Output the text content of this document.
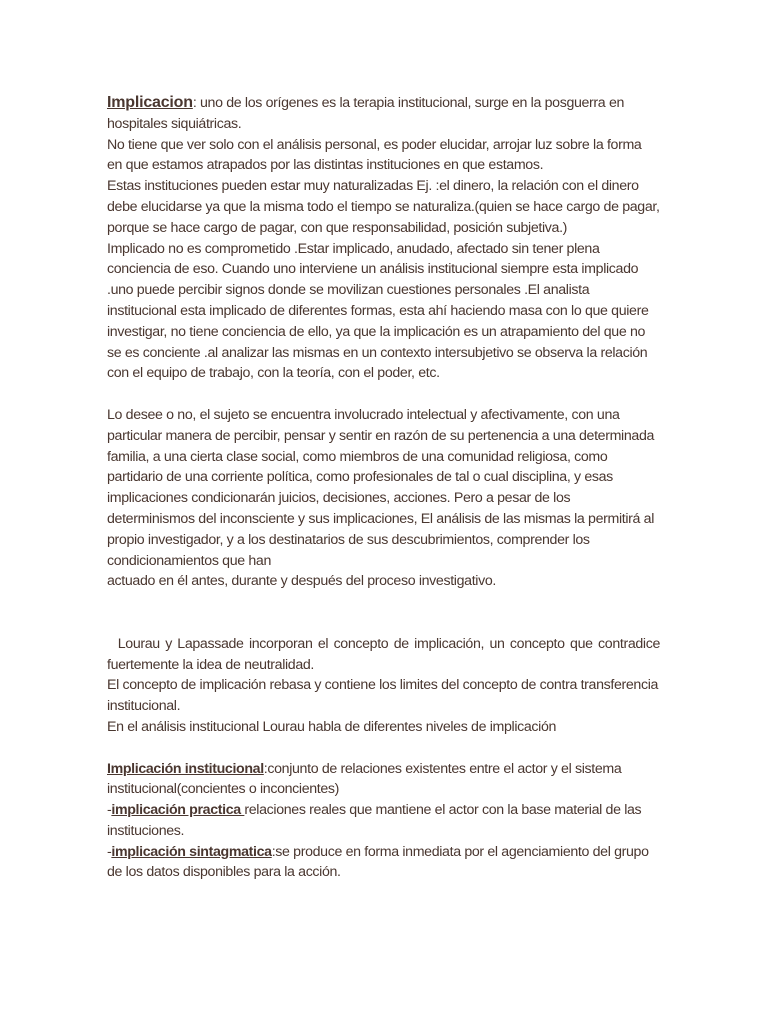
Implicacion: uno de los orígenes es la terapia institucional, surge en la posguerra en hospitales siquiátricas.

No tiene que ver solo con el análisis personal, es poder elucidar, arrojar luz sobre la forma en que estamos atrapados por las distintas instituciones en que estamos.

Estas instituciones pueden estar muy naturalizadas Ej. :el dinero, la relación con el dinero debe elucidarse ya que la misma todo el tiempo se naturaliza.(quien se hace cargo de pagar, porque se hace cargo de pagar, con que responsabilidad, posición subjetiva.)

Implicado no es comprometido .Estar implicado, anudado, afectado sin tener plena conciencia de eso. Cuando uno interviene un análisis institucional siempre esta implicado .uno puede percibir signos donde se movilizan cuestiones personales .El analista institucional esta implicado de diferentes formas, esta ahí haciendo masa con lo que quiere investigar, no tiene conciencia de ello, ya que la implicación es un atrapamiento del que no se es conciente .al analizar las mismas en un contexto intersubjetivo se observa la relación con el equipo de trabajo, con la teoría, con el poder, etc.

Lo desee o no, el sujeto se encuentra involucrado intelectual y afectivamente, con una particular manera de percibir, pensar y sentir en razón de su pertenencia a una determinada familia, a una cierta clase social, como miembros de una comunidad religiosa, como partidario de una corriente política, como profesionales de tal o cual disciplina, y esas implicaciones condicionarán juicios, decisiones, acciones. Pero a pesar de los determinismos del inconsciente y sus implicaciones, El análisis de las mismas la permitirá al propio investigador, y a los destinatarios de sus descubrimientos, comprender los condicionamientos que han

actuado en él antes, durante y después del proceso investigativo.

Lourau y Lapassade incorporan el concepto de implicación, un concepto que contradice fuertemente la idea de neutralidad.

El concepto de implicación rebasa y contiene los limites del concepto de contra transferencia institucional.

En el análisis institucional Lourau habla de diferentes niveles de implicación

Implicación institucional:conjunto de relaciones existentes entre el actor y el sistema institucional(concientes o inconcientes)

-implicación practica relaciones reales que mantiene el actor con la base material de las instituciones.

-implicación sintagmatica:se produce en forma inmediata por el agenciamiento del grupo de los datos disponibles para la acción.
